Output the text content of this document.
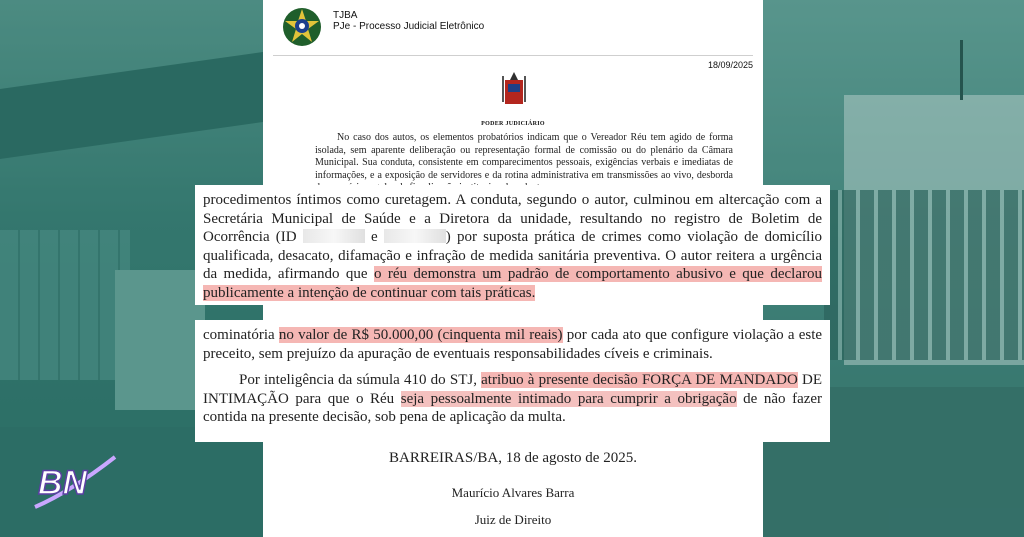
TJBA
PJe - Processo Judicial Eletrônico
18/09/2025
PODER JUDICIÁRIO
No caso dos autos, os elementos probatórios indicam que o Vereador Réu tem agido de forma isolada, sem aparente deliberação ou representação formal de comissão ou do plenário da Câmara Municipal. Sua conduta, consistente em comparecimentos pessoais, exigências verbais e imediatas de informações, e a exposição de servidores e da rotina administrativa em transmissões ao vivo, desborda

procedimentos íntimos como curetagem. A conduta, segundo o autor, culminou em altercação com a Secretária Municipal de Saúde e a Diretora da unidade, resultando no registro de Boletim de Ocorrência (ID	e	) por suposta prática de crimes como violação de domicílio qualificada, desacato, difamação e infração de medida sanitária preventiva. O autor reitera a urgência da medida, afirmando que o réu demonstra um padrão de comportamento abusivo e que declarou publicamente a intenção de continuar com tais práticas.

cominatória no valor de R$ 50.000,00 (cinquenta mil reais) por cada ato que configure violação a este preceito, sem prejuízo da apuração de eventuais responsabilidades cíveis e criminais.

Por inteligência da súmula 410 do STJ, atribuo à presente decisão FORÇA DE MANDADO DE INTIMAÇÃO para que o Réu seja pessoalmente intimado para cumprir a obrigação de não fazer contida na presente decisão, sob pena de aplicação da multa.

BARREIRAS/BA, 18 de agosto de 2025.
Maurício Alvares Barra
Juiz de Direito
BN
